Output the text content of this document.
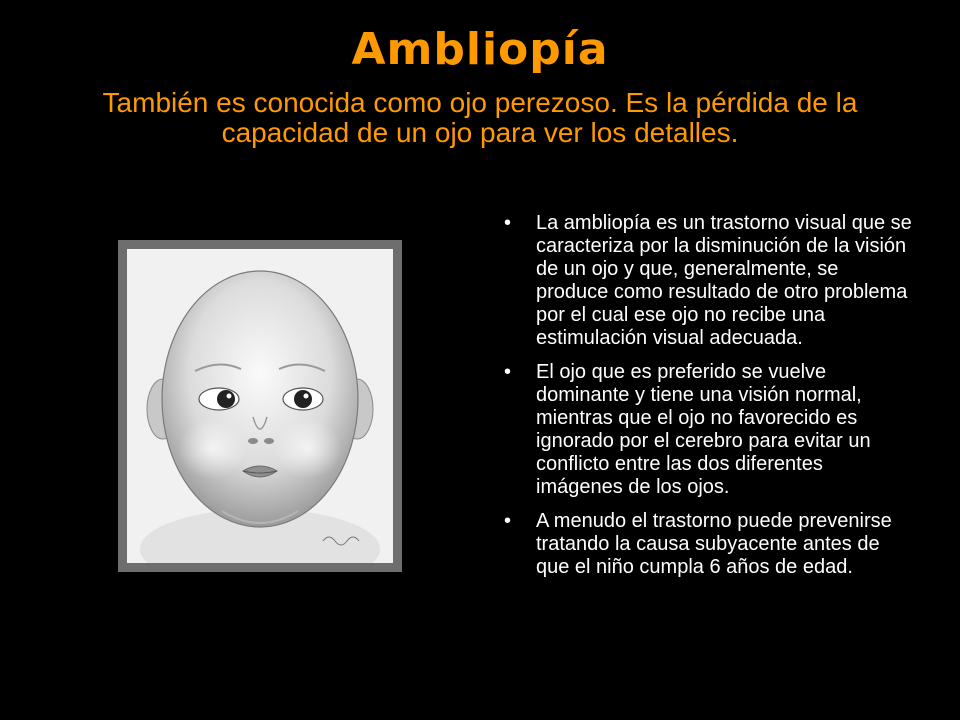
Ambliopía
También es conocida como ojo perezoso. Es la pérdida de la capacidad de un ojo para ver los detalles.
• La ambliopía es un trastorno visual que se caracteriza por la disminución de la visión de un ojo y que, generalmente, se produce como resultado de otro problema por el cual ese ojo no recibe una estimulación visual adecuada.
• El ojo que es preferido se vuelve dominante y tiene una visión normal, mientras que el ojo no favorecido es ignorado por el cerebro para evitar un conflicto entre las dos diferentes imágenes de los ojos.
• A menudo el trastorno puede prevenirse tratando la causa subyacente antes de que el niño cumpla 6 años de edad.
